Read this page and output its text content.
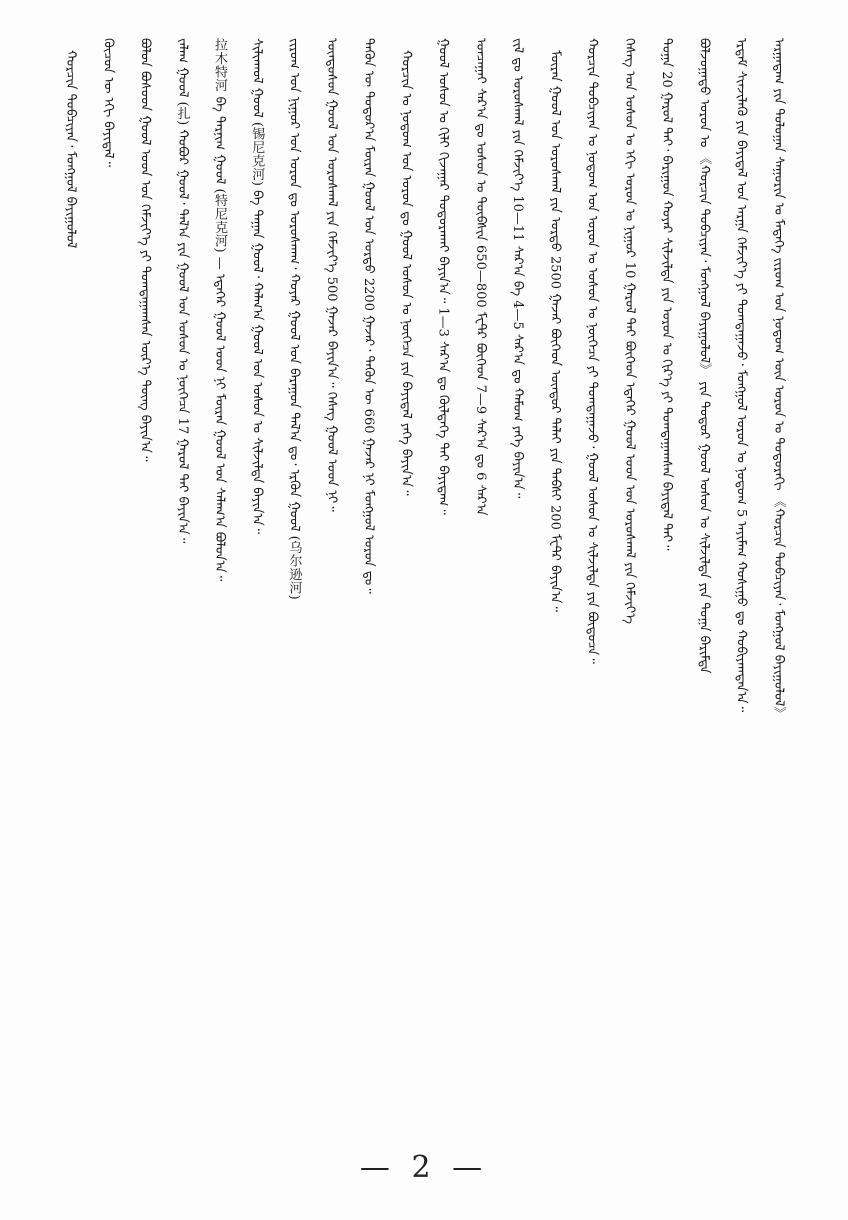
ᠠᠷᠭᠠᠳᠠᠭ ᠶᠢᠨ ᠳᠣᠯᠣᠭᠠᠨ ᠰᠠᠭᠤᠷᠢᠨ ᠤ ᠮᠡᠳᠡᠭᠡ ᠵᠢᠷᠤᠭ ᠤᠨ ᠨᠤᠲᠤᠭ ᠦᠨ ᠣᠷᠣᠨ ᠤ ᠳᠣᠲᠣᠷᠠᠬᠢ 《ᠬᠣᠷᠴᠢᠨ ᠲᠣᠪᠴᠢᠶᠠᠨ᠂ ᠮᠣᠩᠭᠣᠯ ᠪᠠᠶᠢᠭᠤᠯᠤᠯ》
ᠡᠷᠳᠡᠮ ᠰᠢᠨᠵᠢᠯᠡᠬᠦ ᠶᠢᠨ ᠪᠠᠶᠢᠳᠠᠯ ᠤᠨ ᠠᠷᠭᠠ ᠬᠡᠮᠵᠢᠶ᠎ᠡ ᠶᠢ ᠲᠣᠭᠲᠠᠭᠠᠵᠤ᠂ ᠮᠣᠩᠭᠣᠯ ᠤᠷᠤᠨ ᠤ ᠨᠤᠲᠤᠭ 5 ᠠᠶᠢᠮᠠᠭ ᠬᠣᠰᠢᠭᠤ ᠳᠤ ᠬᠤᠪᠢᠶᠠᠭᠳᠠᠨ᠎ᠠ᠃
ᠪᠣᠯᠵᠣᠭᠠᠲᠤ ᠣᠷᠣᠨ ᠤ 《ᠬᠣᠷᠴᠢᠨ ᠲᠣᠪᠴᠢᠶᠠᠨ᠂ ᠮᠣᠩᠭᠣᠯ ᠪᠠᠶᠢᠭᠤᠯᠤᠯ》 ᠶᠢᠨ ᠳᠣᠲᠣᠷ ᠭᠣᠣᠯ ᠤᠰᠤᠨ ᠤ ᠰᠢᠯᠵᠢᠯᠲᠡ ᠶᠢᠨ ᠲᠣᠭᠠ ᠪᠠᠷᠢᠮᠲᠠ
ᠲᠣᠭᠠ 20 ᠭᠠᠷᠤᠯ ᠲᠠᠢ᠂ ᠪᠠᠷᠢᠭᠤᠨ ᠬᠣᠶᠠᠷ ᠰᠢᠯᠵᠢᠯᠲᠡ ᠶᠢᠨ ᠣᠷᠣᠨ ᠤ ᠬᠢᠷ᠎ᠡ ᠶᠢ ᠲᠣᠭᠲᠠᠭᠠᠭᠰᠠᠨ ᠪᠠᠶᠢᠳᠠᠯ ᠲᠠᠢ᠃
ᠬᠡᠰᠡᠭ ᠤᠨ ᠤᠰᠤᠨ ᠤ ᠡᠬᠢ ᠣᠷᠣᠨ ᠤ ᠨᠢᠭᠤᠷ 10 ᠭᠠᠷᠤᠯ ᠲᠠᠢ ᠪᠥᠭᠡᠳ ᠡᠳᠡᠭᠡᠷ ᠭᠣᠣᠯ ᠤᠳ ᠤᠨ ᠤᠷᠤᠰᠬᠠᠯ ᠶᠢᠨ ᠬᠡᠮᠵᠢᠶ᠎ᠡ
ᠬᠣᠷᠴᠢᠨ ᠲᠣᠪᠴᠢᠶᠠᠨ ᠤ ᠨᠤᠲᠤᠭ ᠤᠨ ᠣᠷᠣᠨ ᠤ ᠤᠰᠤᠨ ᠤ ᠨᠥᠭᠡᠴᠡ ᠶᠢ ᠲᠣᠭᠲᠠᠭᠠᠵᠤ᠂ ᠭᠣᠣᠯ ᠤᠰᠤᠨ ᠤ ᠰᠢᠯᠵᠢᠯᠲᠡ ᠶᠢᠨ ᠪᠦᠲᠦᠴᠡ᠃
ᠮᠥᠷᠡᠨ ᠭᠣᠣᠯ ᠤᠨ ᠤᠷᠤᠰᠬᠠᠯ ᠶᠢᠨ ᠤᠷᠳᠤ 2500 ᠭᠠᠵᠠᠷ ᠪᠥᠭᠡᠳ ᠦᠨᠳᠦᠷ ᠳᠠᠯᠠᠢ ᠶᠢᠨ ᠲᠡᠪᠰᠢ 200 ᠮᠧᠲ᠋ᠷ ᠪᠠᠶᠢᠨ᠎ᠠ᠃
ᠵᠢᠯ ᠳᠤ ᠤᠷᠤᠰᠬᠠᠯ ᠶᠢᠨ ᠬᠡᠮᠵᠢᠶ᠎ᠡ 10—11 ᠰᠠᠷ᠎ᠠ ᠪᠠ 4—5 ᠰᠠᠷ᠎ᠠ ᠳᠤ ᠬᠠᠮᠤᠭ ᠶᠡᠬᠡ ᠪᠠᠶᠢᠨ᠎ᠠ᠃
ᠣᠨᠴᠠᠭᠠᠢ ᠰᠠᠷ᠎ᠠ ᠳᠤ ᠤᠰᠤᠨ ᠤ ᠲᠦᠪᠰᠢᠨ 650—800 ᠮᠧᠲ᠋ᠷ ᠪᠥᠭᠡᠳ 7—9 ᠰᠠᠷ᠎ᠠ ᠳᠤ 6 ᠰᠠᠷ᠎ᠠ
ᠭᠣᠣᠯ ᠤᠰᠤᠨ ᠤ ᠬᠢᠯᠢ ᠬᠢᠵᠠᠭᠠᠷ ᠲᠣᠳᠣᠷᠠᠬᠠᠢ ᠪᠠᠶᠢᠨ᠎ᠠ᠃ 1—3 ᠰᠠᠷ᠎ᠠ ᠳᠤ ᠬᠥᠯᠳᠡᠭᠡ ᠲᠠᠢ ᠪᠠᠶᠢᠳᠠᠭ᠃
ᠬᠣᠷᠴᠢᠨ ᠤ ᠨᠤᠲᠤᠭ ᠤᠨ ᠣᠷᠣᠨ ᠳᠤ ᠭᠣᠣᠯ ᠤᠰᠤᠨ ᠤ ᠨᠥᠭᠡᠴᠡ ᠶᠢᠨ ᠪᠠᠶᠢᠳᠠᠯ ᠶᠡᠬᠡ ᠪᠠᠶᠢᠨ᠎ᠠ᠃
ᠲᠡᠭᠦᠨ ᠦ ᠳᠣᠲᠣᠷ᠎ᠠ ᠮᠥᠷᠡᠨ ᠭᠣᠣᠯ ᠤᠨ ᠤᠷᠳᠤ 2200 ᠭᠠᠵᠠᠷ᠂ ᠲᠡᠭᠦᠨ ᠦ 660 ᠭᠠᠵᠠᠷ ᠨᠢ ᠮᠣᠩᠭᠣᠯ ᠤᠷᠤᠨ ᠳᠤ᠃
ᠦᠨᠳᠦᠰᠦᠨ ᠭᠣᠣᠯ ᠤᠨ ᠤᠷᠤᠰᠬᠠᠯ ᠶᠢᠨ ᠬᠡᠮᠵᠢᠶ᠎ᠡ 500 ᠭᠠᠵᠠᠷ ᠪᠠᠶᠢᠨ᠎ᠠ᠃ ᠬᠡᠰᠡᠭ ᠭᠣᠣᠯ ᠤᠳ ᠨᠢ᠃
ᠵᠢᠷᠤᠭ ᠤᠨ ᠨᠢᠭᠤᠷ ᠤᠨ ᠣᠷᠣᠨ ᠳᠤ ᠤᠷᠤᠰᠬᠠᠭ᠂ ᠬᠣᠶᠠᠷ ᠭᠣᠣᠯ ᠤᠨ ᠪᠠᠷᠠᠭᠤᠨ ᠲᠠᠯ᠎ᠠ ᠳᠤ᠂ ᠡᠷᠭᠦᠨ ᠭᠣᠣᠯ (乌尔逊河)
ᠰᠢᠯᠢᠨᠬᠣᠯ ᠭᠣᠣᠯ (锡尼克河) ᠪᠠ ᠲᠠᠭᠠᠨ ᠭᠣᠣᠯ᠂ ᠬᠠᠯᠬ᠎ᠠ ᠭᠣᠣᠯ ᠤᠨ ᠤᠰᠤᠨ ᠤ ᠰᠢᠯᠵᠢᠯᠲᠡ ᠪᠠᠶᠢᠨ᠎ᠠ᠃
拉木特河 ᠪᠠ ᠲᠠᠷᠨᠢᠬ ᠭᠣᠣᠯ (特尼克河) — ᠡᠳᠡᠭᠡᠷ ᠭᠣᠣᠯ ᠤᠳ ᠨᠢ ᠮᠥᠷᠡᠨ ᠭᠣᠣᠯ ᠤᠨ ᠰᠠᠯᠠᠭ᠎ᠠ ᠪᠣᠯᠤᠨ᠎ᠠ᠃
ᠵᠠᠯᠠᠭ ᠭᠣᠣᠯ (扎) ᠬᠣᠪᠣᠷ ᠭᠣᠣᠯ᠂ ᠲᠠᠯ᠎ᠠ ᠶᠢᠨ ᠭᠣᠣᠯ ᠤᠨ ᠤᠰᠤᠨ ᠤ ᠨᠥᠭᠡᠴᠡ 17 ᠭᠠᠷᠤᠯ ᠲᠠᠢ ᠪᠠᠶᠢᠨ᠎ᠠ᠃
ᠪᠣᠯᠣᠨ ᠪᠤᠰᠤᠳ ᠭᠣᠣᠯ ᠤᠳ ᠤᠨ ᠬᠡᠮᠵᠢᠶ᠎ᠡ ᠶᠢ ᠲᠣᠭᠲᠠᠭᠠᠭᠰᠠᠨ ᠦᠷ᠎ᠡ ᠳᠦᠩ ᠪᠠᠶᠢᠨ᠎ᠠ᠃
ᠬᠦᠴᠦᠨ ᠦ ᠡᠬᠢ ᠪᠠᠶᠢᠳᠠᠯ᠃
ᠬᠣᠷᠴᠢᠨ ᠲᠣᠪᠴᠢᠶᠠᠨ᠂ ᠮᠣᠩᠭᠣᠯ ᠪᠠᠶᠢᠭᠤᠯᠤᠯ
— 2 —
